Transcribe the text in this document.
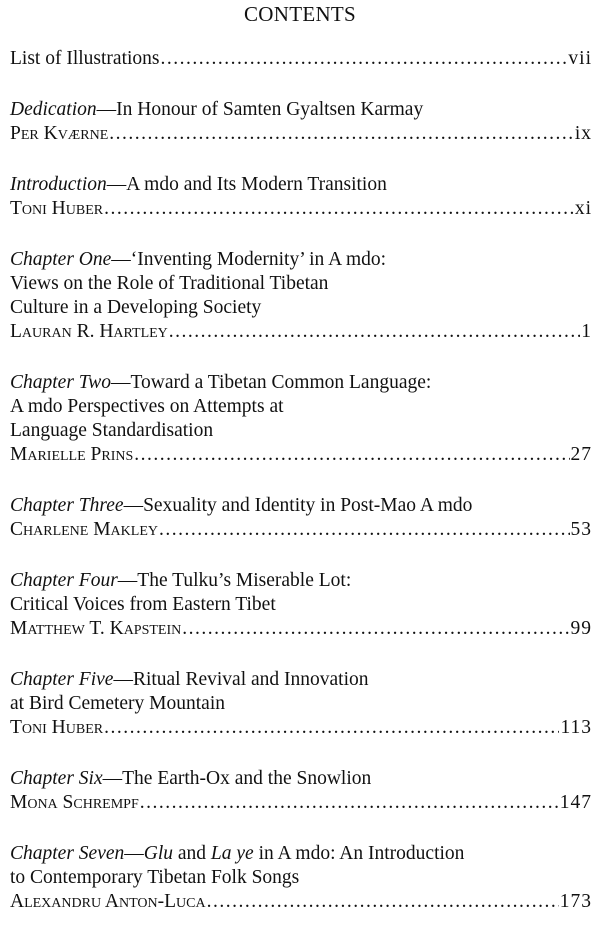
CONTENTS
List of Illustrations .....	vii
Dedication—In Honour of Samten Gyaltsen Karmay
Per Kværne .....	ix
Introduction—A mdo and Its Modern Transition
Toni Huber .....	xi
Chapter One—‘Inventing Modernity’ in A mdo:
Views on the Role of Traditional Tibetan
Culture in a Developing Society
Lauran R. Hartley .....	1
Chapter Two—Toward a Tibetan Common Language:
A mdo Perspectives on Attempts at
Language Standardisation
Marielle Prins .....	27
Chapter Three—Sexuality and Identity in Post-Mao A mdo
Charlene Makley .....	53
Chapter Four—The Tulku’s Miserable Lot:
Critical Voices from Eastern Tibet
Matthew T. Kapstein .....	99
Chapter Five—Ritual Revival and Innovation
at Bird Cemetery Mountain
Toni Huber .....	113
Chapter Six—The Earth-Ox and the Snowlion
Mona Schrempf .....	147
Chapter Seven—Glu and La ye in A mdo: An Introduction
to Contemporary Tibetan Folk Songs
Alexandru Anton-Luca .....	173
